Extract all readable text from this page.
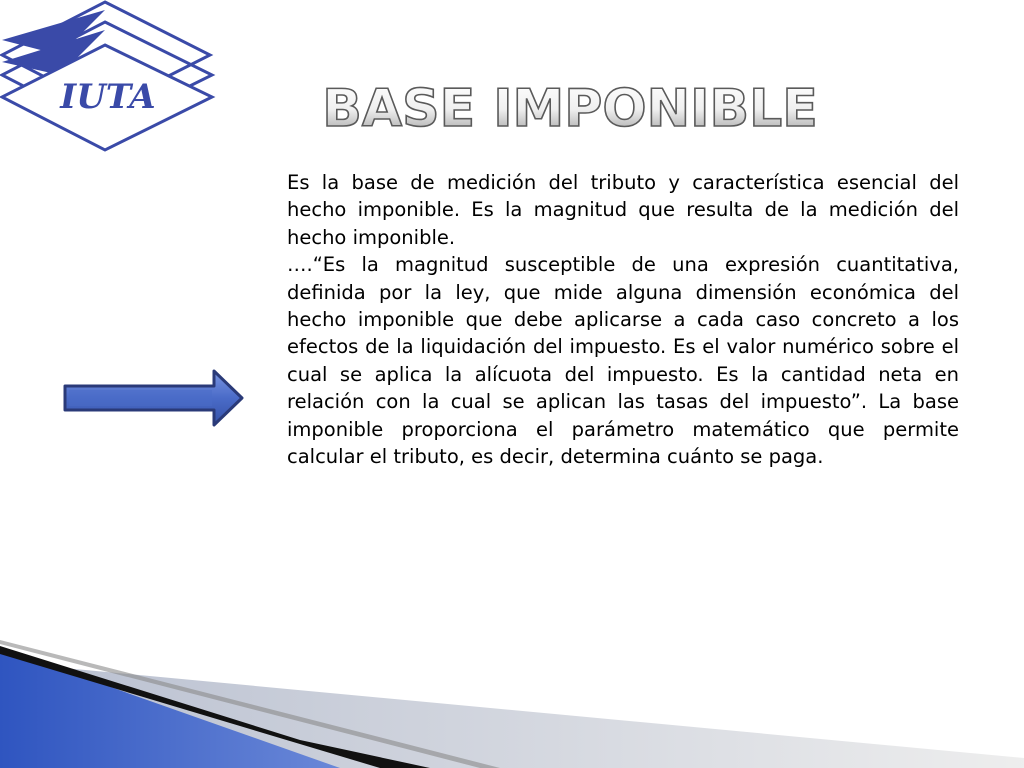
IUTA	BASE IMPONIBLE

Es la base de medición del tributo y característica esencial del hecho imponible. Es la magnitud que resulta de la medición del hecho imponible.

….“Es la magnitud susceptible de una expresión cuantitativa, definida por la ley, que mide alguna dimensión económica del hecho imponible que debe aplicarse a cada caso concreto a los efectos de la liquidación del impuesto. Es el valor numérico sobre el cual se aplica la alícuota del impuesto. Es la cantidad neta en relación con la cual se aplican las tasas del impuesto”. La base imponible proporciona el parámetro matemático que permite calcular el tributo, es decir, determina cuánto se paga.
